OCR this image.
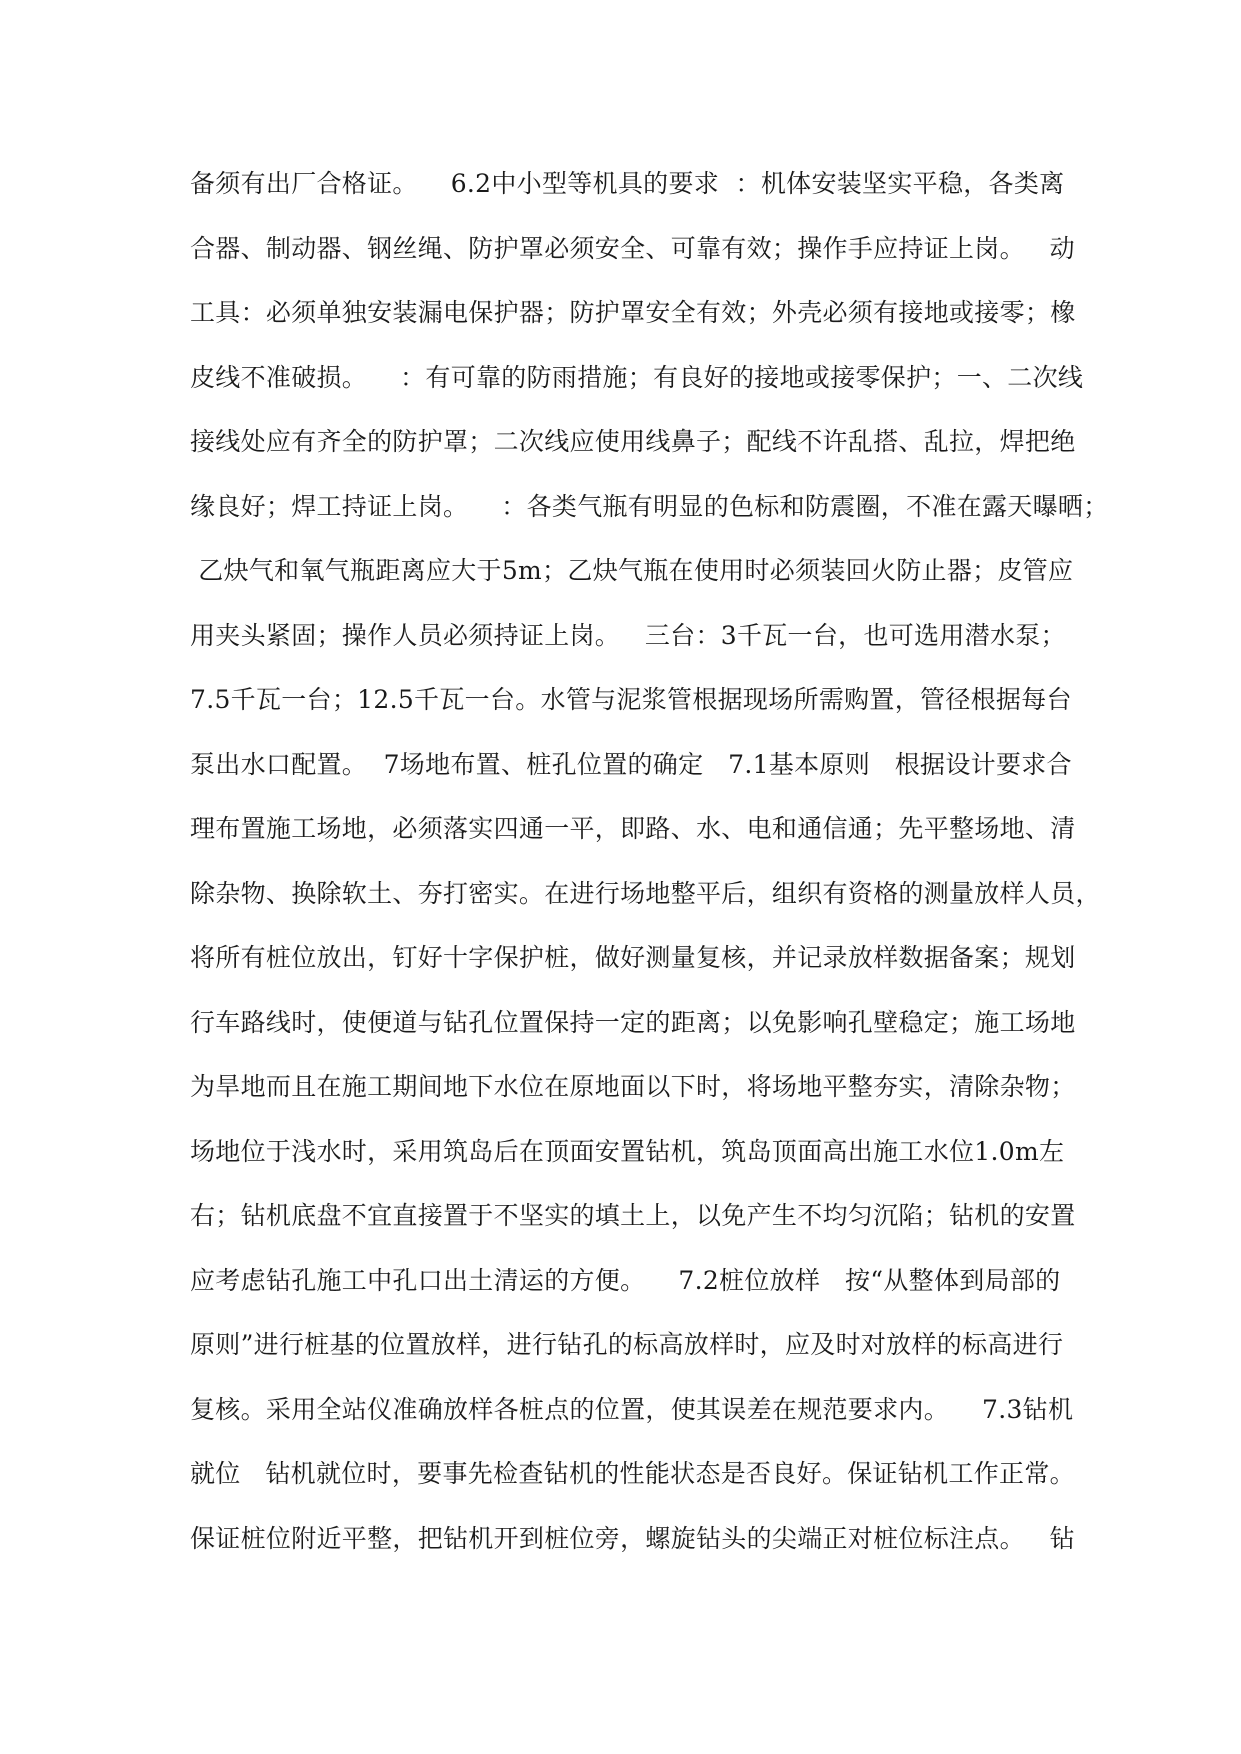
备须有出厂合格证。    6.2中小型等机具的要求  ：机体安装坚实平稳，各类离
合器、制动器、钢丝绳、防护罩必须安全、可靠有效；操作手应持证上岗。   动
工具：必须单独安装漏电保护器；防护罩安全有效；外壳必须有接地或接零；橡
皮线不准破损。    ：有可靠的防雨措施；有良好的接地或接零保护；一、二次线
接线处应有齐全的防护罩；二次线应使用线鼻子；配线不许乱搭、乱拉，焊把绝
缘良好；焊工持证上岗。    ：各类气瓶有明显的色标和防震圈，不准在露天曝晒；
乙炔气和氧气瓶距离应大于5m；乙炔气瓶在使用时必须装回火防止器；皮管应
用夹头紧固；操作人员必须持证上岗。   三台：3千瓦一台，也可选用潜水泵；
7.5千瓦一台；12.5千瓦一台。水管与泥浆管根据现场所需购置，管径根据每台
泵出水口配置。  7场地布置、桩孔位置的确定   7.1基本原则   根据设计要求合
理布置施工场地，必须落实四通一平，即路、水、电和通信通；先平整场地、清
除杂物、换除软土、夯打密实。在进行场地整平后，组织有资格的测量放样人员，
将所有桩位放出，钉好十字保护桩，做好测量复核，并记录放样数据备案；规划
行车路线时，使便道与钻孔位置保持一定的距离；以免影响孔壁稳定；施工场地
为旱地而且在施工期间地下水位在原地面以下时，将场地平整夯实，清除杂物；
场地位于浅水时，采用筑岛后在顶面安置钻机，筑岛顶面高出施工水位1.0m左
右；钻机底盘不宜直接置于不坚实的填土上，以免产生不均匀沉陷；钻机的安置
应考虑钻孔施工中孔口出土清运的方便。    7.2桩位放样   按“从整体到局部的
原则”进行桩基的位置放样，进行钻孔的标高放样时，应及时对放样的标高进行
复核。采用全站仪准确放样各桩点的位置，使其误差在规范要求内。    7.3钻机
就位   钻机就位时，要事先检查钻机的性能状态是否良好。保证钻机工作正常。
保证桩位附近平整，把钻机开到桩位旁，螺旋钻头的尖端正对桩位标注点。   钻
